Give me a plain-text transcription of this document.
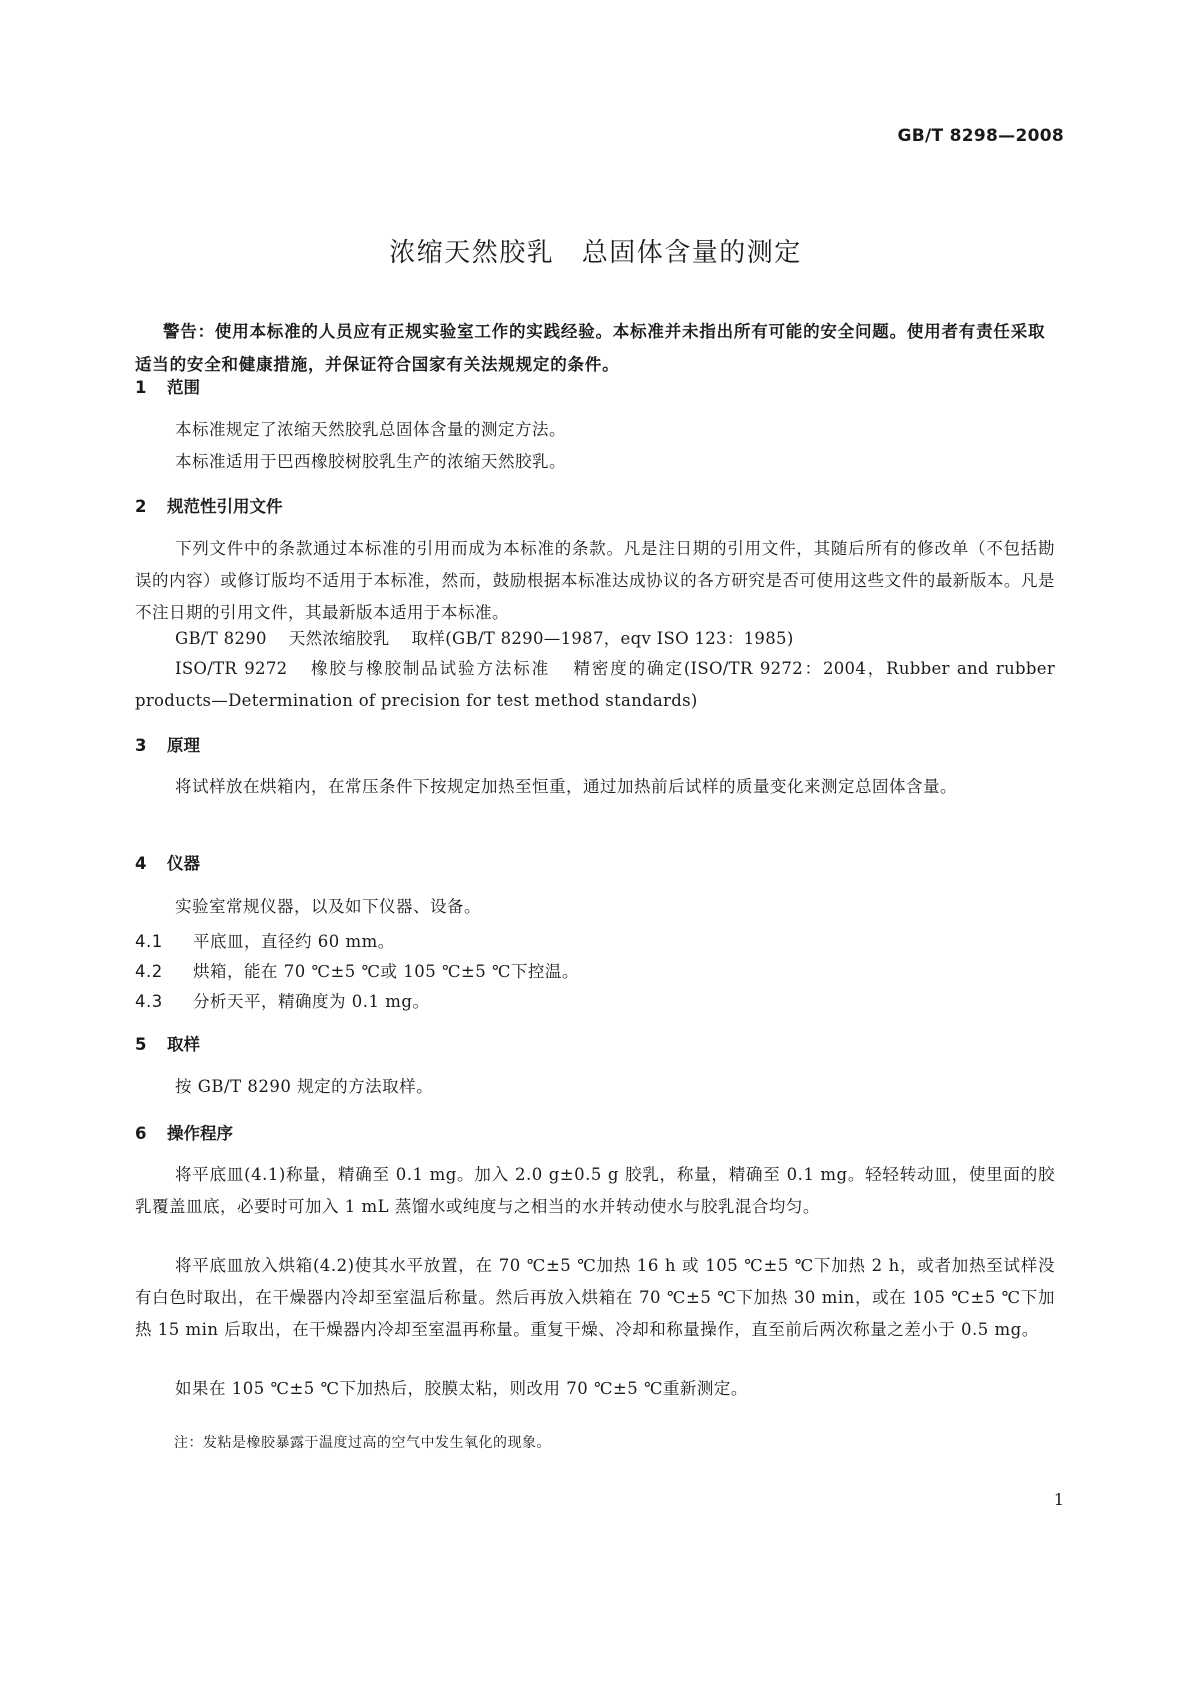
GB/T 8298—2008
浓缩天然胶乳　总固体含量的测定
警告：使用本标准的人员应有正规实验室工作的实践经验。本标准并未指出所有可能的安全问题。使用者有责任采取适当的安全和健康措施，并保证符合国家有关法规规定的条件。
1 范围
本标准规定了浓缩天然胶乳总固体含量的测定方法。
本标准适用于巴西橡胶树胶乳生产的浓缩天然胶乳。
2 规范性引用文件
下列文件中的条款通过本标准的引用而成为本标准的条款。凡是注日期的引用文件，其随后所有的修改单（不包括勘误的内容）或修订版均不适用于本标准，然而，鼓励根据本标准达成协议的各方研究是否可使用这些文件的最新版本。凡是不注日期的引用文件，其最新版本适用于本标准。
GB/T 8290 天然浓缩胶乳 取样(GB/T 8290—1987，eqv ISO 123：1985)
ISO/TR 9272 橡胶与橡胶制品试验方法标准 精密度的确定(ISO/TR 9272：2004，Rubber and rubber products—Determination of precision for test method standards)
3 原理
将试样放在烘箱内，在常压条件下按规定加热至恒重，通过加热前后试样的质量变化来测定总固体含量。
4 仪器
实验室常规仪器，以及如下仪器、设备。
4.1 平底皿，直径约 60 mm。
4.2 烘箱，能在 70 ℃±5 ℃或 105 ℃±5 ℃下控温。
4.3 分析天平，精确度为 0.1 mg。
5 取样
按 GB/T 8290 规定的方法取样。
6 操作程序
将平底皿(4.1)称量，精确至 0.1 mg。加入 2.0 g±0.5 g 胶乳，称量，精确至 0.1 mg。轻轻转动皿，使里面的胶乳覆盖皿底，必要时可加入 1 mL 蒸馏水或纯度与之相当的水并转动使水与胶乳混合均匀。
将平底皿放入烘箱(4.2)使其水平放置，在 70 ℃±5 ℃加热 16 h 或 105 ℃±5 ℃下加热 2 h，或者加热至试样没有白色时取出，在干燥器内冷却至室温后称量。然后再放入烘箱在 70 ℃±5 ℃下加热 30 min，或在 105 ℃±5 ℃下加热 15 min 后取出，在干燥器内冷却至室温再称量。重复干燥、冷却和称量操作，直至前后两次称量之差小于 0.5 mg。
如果在 105 ℃±5 ℃下加热后，胶膜太粘，则改用 70 ℃±5 ℃重新测定。
注：发粘是橡胶暴露于温度过高的空气中发生氧化的现象。
1
